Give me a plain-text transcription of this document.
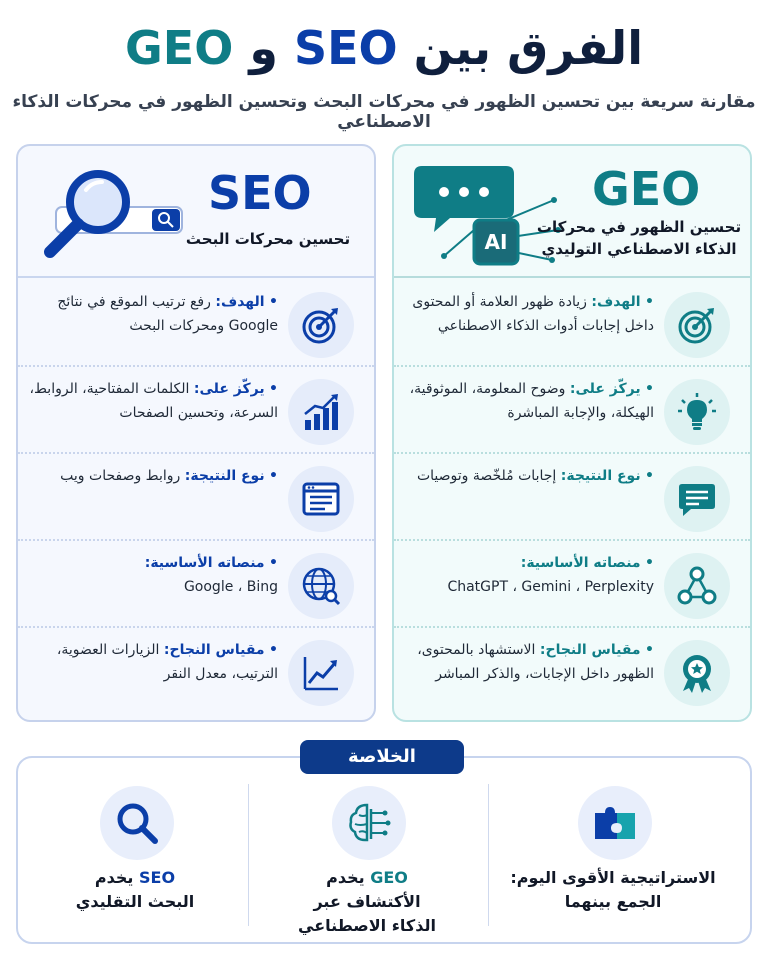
الفرق بين SEO و GEO
مقارنة سريعة بين تحسين الظهور في محركات البحث وتحسين الظهور في محركات الذكاء الاصطناعي
SEO
تحسين محركات البحث
• الهدف: رفع ترتيب الموقع في نتائج Google ومحركات البحث
• يركّز على: الكلمات المفتاحية، الروابط، السرعة، وتحسين الصفحات
• نوع النتيجة: روابط وصفحات ويب
• منصاته الأساسية:
Google ، Bing
• مقياس النجاح: الزيارات العضوية، الترتيب، معدل النقر
AI
GEO
تحسين الظهور في محركات الذكاء الاصطناعي التوليدي
• الهدف: زيادة ظهور العلامة أو المحتوى داخل إجابات أدوات الذكاء الاصطناعي
• يركّز على: وضوح المعلومة، الموثوقية، الهيكلة، والإجابة المباشرة
• نوع النتيجة: إجابات مُلخّصة وتوصيات
• منصاته الأساسية:
ChatGPT ، Gemini ، Perplexity
• مقياس النجاح: الاستشهاد بالمحتوى، الظهور داخل الإجابات، والذكر المباشر
الخلاصة
SEO يخدم
البحث التقليدي
GEO يخدم
الأكتشاف عبر
الذكاء الاصطناعي
الاستراتيجية الأقوى اليوم:
الجمع بينهما
